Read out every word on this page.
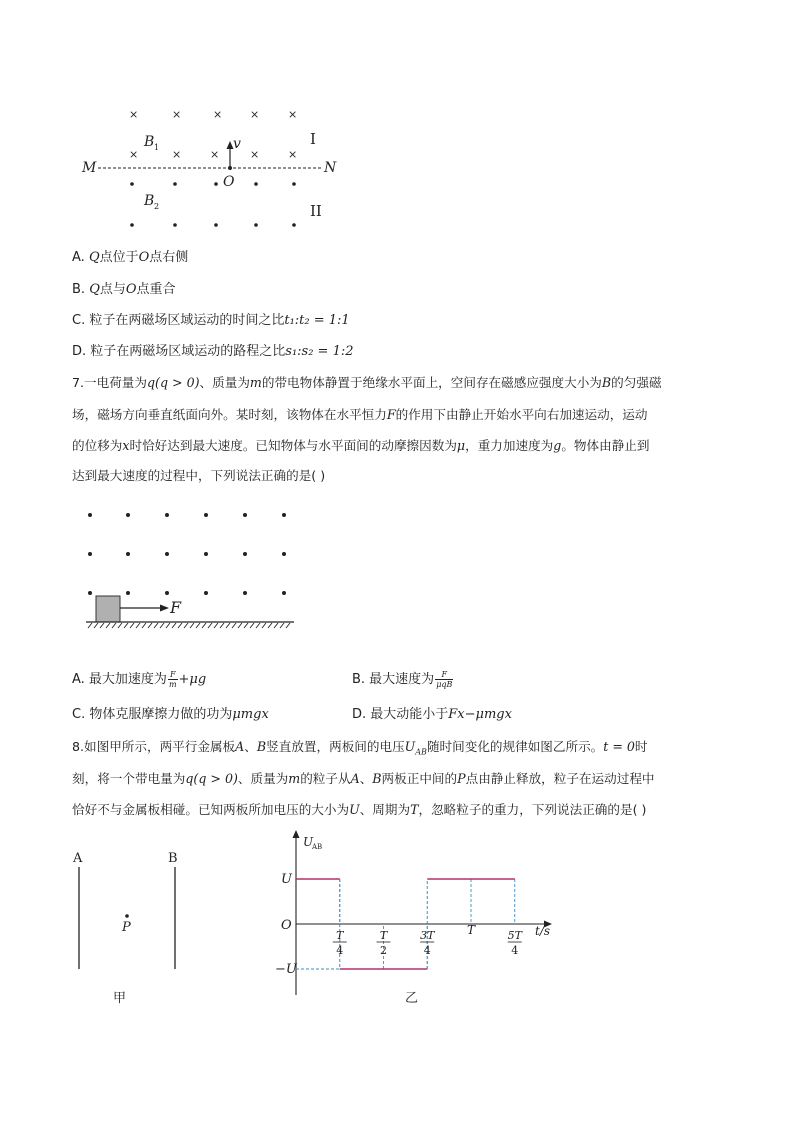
×	×	×	×	×
×	×	×	×	×
v
B 1
B 2
M	N
O
I
II
A. Q点位于O点右侧
B. Q点与O点重合
C. 粒子在两磁场区域运动的时间之比t₁:t₂ = 1:1
D. 粒子在两磁场区域运动的路程之比s₁:s₂ = 1:2
7.一电荷量为q(q > 0)、质量为m的带电物体静置于绝缘水平面上，空间存在磁感应强度大小为B的匀强磁
场，磁场方向垂直纸面向外。某时刻，该物体在水平恒力F的作用下由静止开始水平向右加速运动，运动
的位移为x时恰好达到最大速度。已知物体与水平面间的动摩擦因数为μ，重力加速度为g。物体由静止到
达到最大速度的过程中，下列说法正确的是( )
F
A. 最大加速度为 $\frac{F}{m} +\mu g$	B. 最大速度为 $\frac{F}{\text{μqB}}$
C. 物体克服摩擦力做的功为μmgx	D. 最大动能小于Fx−μmgx
8.如图甲所示，两平行金属板A、B竖直放置，两板间的电压$U_{AB}$随时间变化的规律如图乙所示。t = 0时
刻，将一个带电量为q(q > 0)、质量为m的粒子从A、B两板正中间的P点由静止释放，粒子在运动过程中
恰好不与金属板相碰。已知两板所加电压的大小为U、周期为T，忽略粒子的重力，下列说法正确的是( )
A	B
P
甲
U
AB
U
−U
O	t/s
T
4
T
2
3T
4
T	5T
4
乙
